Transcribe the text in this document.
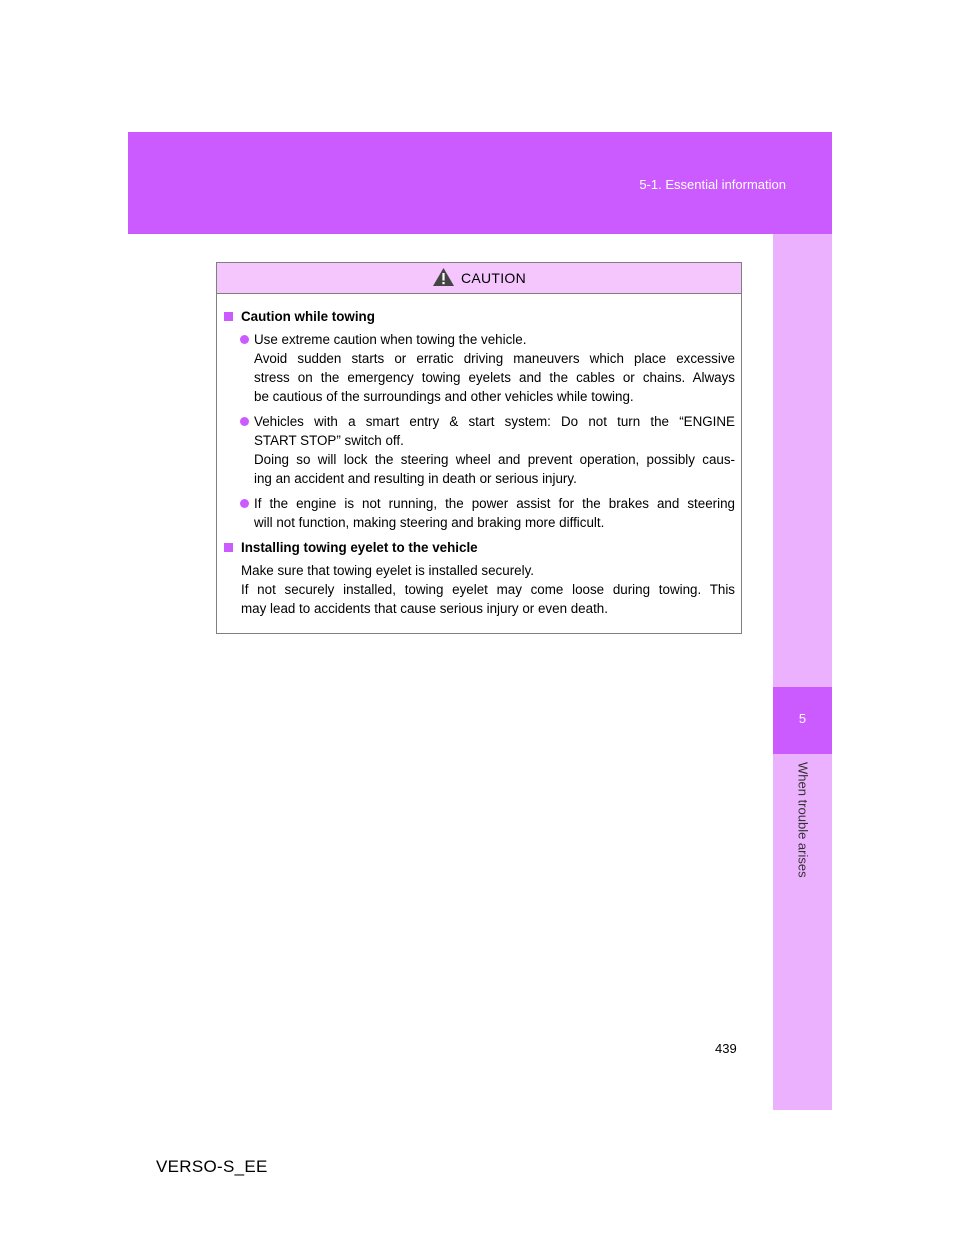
5-1. Essential information
5
When trouble arises
CAUTION
Caution while towing
Use extreme caution when towing the vehicle.
Avoid sudden starts or erratic driving maneuvers which place excessive
stress on the emergency towing eyelets and the cables or chains. Always
be cautious of the surroundings and other vehicles while towing.
Vehicles with a smart entry & start system: Do not turn the “ENGINE
START STOP” switch off.
Doing so will lock the steering wheel and prevent operation, possibly caus-
ing an accident and resulting in death or serious injury.
If the engine is not running, the power assist for the brakes and steering
will not function, making steering and braking more difficult.
Installing towing eyelet to the vehicle
Make sure that towing eyelet is installed securely.
If not securely installed, towing eyelet may come loose during towing. This
may lead to accidents that cause serious injury or even death.
439
VERSO-S_EE
